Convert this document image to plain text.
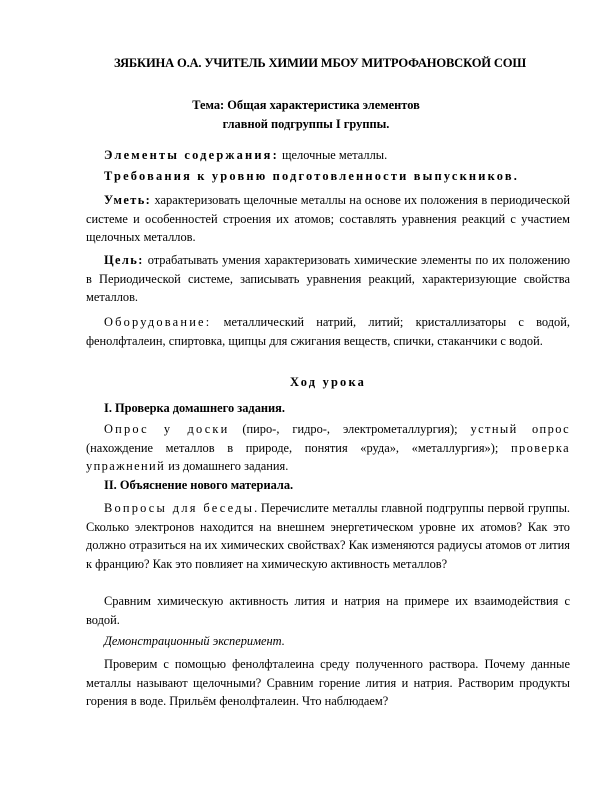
ЗЯБКИНА О.А. УЧИТЕЛЬ ХИМИИ МБОУ МИТРОФАНОВСКОЙ СОШ
Тема: Общая характеристика элементов
главной подгруппы I группы.
Элементы содержания: щелочные металлы.
Требования к уровню подготовленности выпускников.
Уметь: характеризовать щелочные металлы на основе их положения в периодической системе и особенностей строения их атомов; составлять уравнения реакций с участием щелочных металлов.
Цель: отрабатывать умения характеризовать химические элементы по их положению в Периодической системе, записывать уравнения реакций, характеризующие свойства металлов.
Оборудование: металлический натрий, литий; кристаллизаторы с водой, фенолфталеин, спиртовка, щипцы для сжигания веществ, спички, стаканчики с водой.
Ход урока
I. Проверка домашнего задания.
Опрос у доски (пиро-, гидро-, электрометаллургия); устный опрос (нахождение металлов в природе, понятия «руда», «металлургия»); проверка упражнений из домашнего задания.
II. Объяснение нового материала.
Вопросы для беседы. Перечислите металлы главной подгруппы первой группы. Сколько электронов находится на внешнем энергетическом уровне их атомов? Как это должно отразиться на их химических свойствах? Как изменяются радиусы атомов от лития к францию? Как это повлияет на химическую активность металлов?
Сравним химическую активность лития и натрия на примере их взаимодействия с водой.
Демонстрационный эксперимент.
Проверим с помощью фенолфталеина среду полученного раствора. Почему данные металлы называют щелочными? Сравним горение лития и натрия. Растворим продукты горения в воде. Прильём фенолфталеин. Что наблюдаем?
